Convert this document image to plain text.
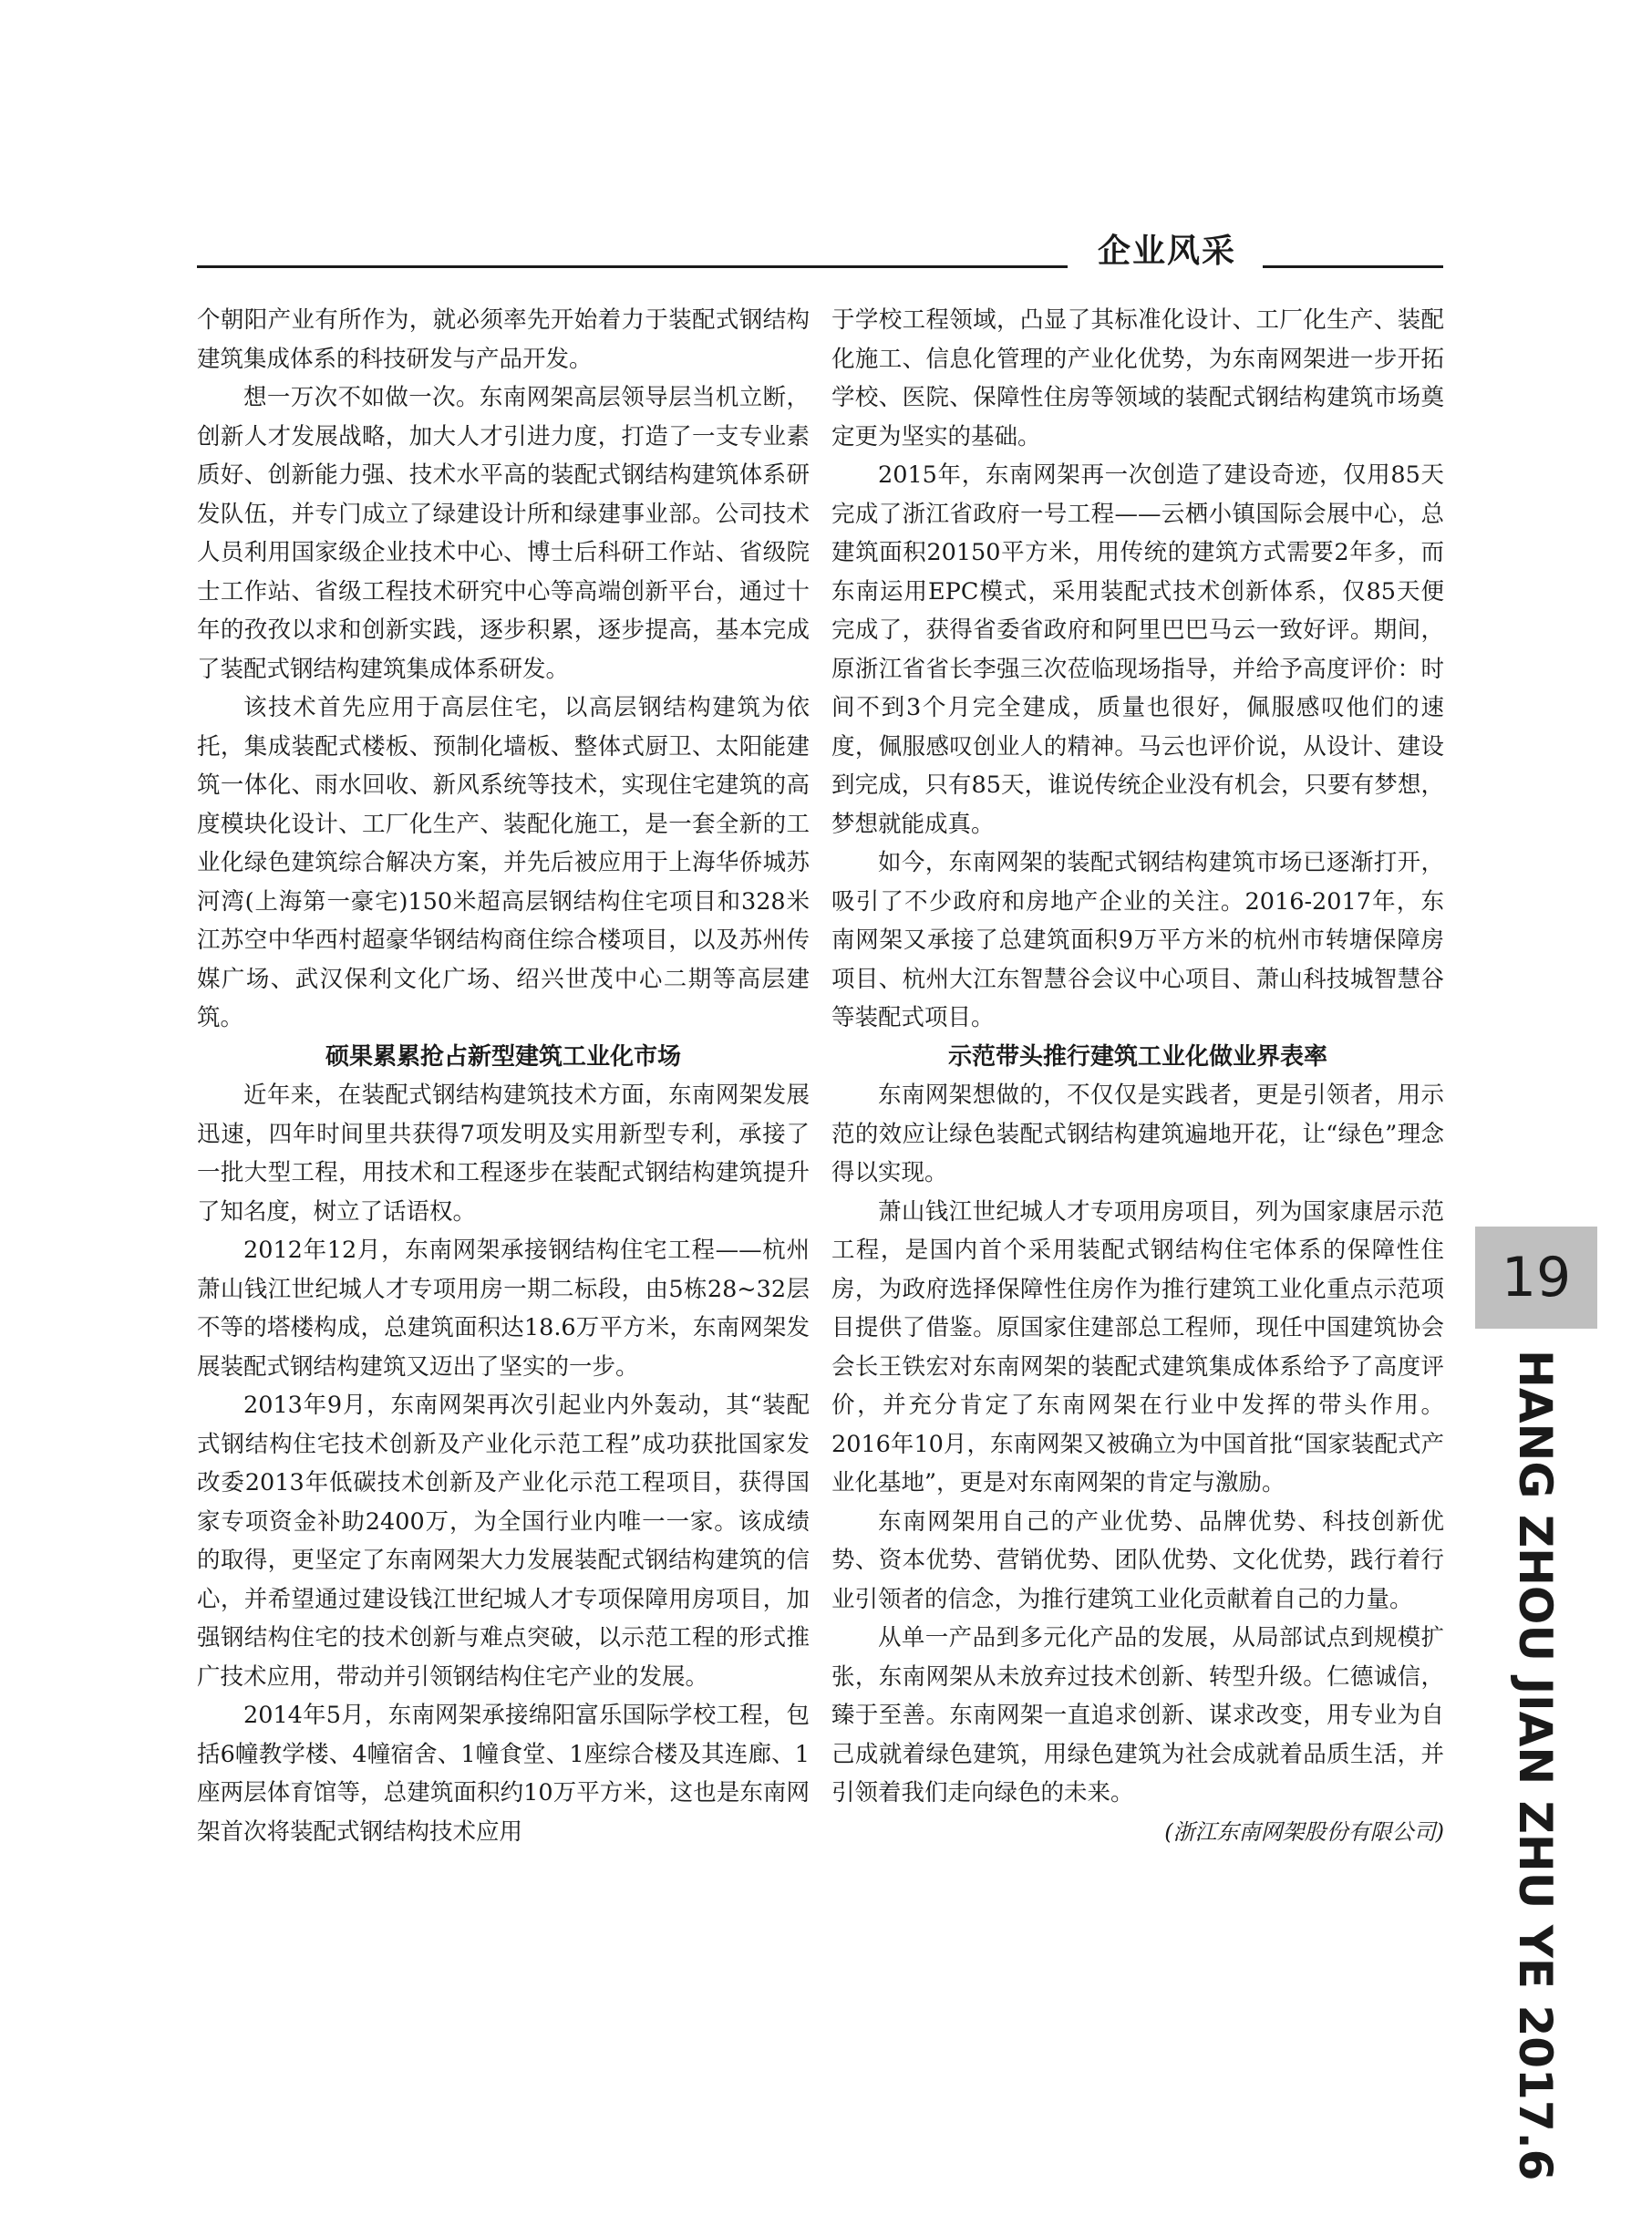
企业风采

个朝阳产业有所作为，就必须率先开始着力于装配式钢结构建筑集成体系的科技研发与产品开发。

想一万次不如做一次。东南网架高层领导层当机立断，创新人才发展战略，加大人才引进力度，打造了一支专业素质好、创新能力强、技术水平高的装配式钢结构建筑体系研发队伍，并专门成立了绿建设计所和绿建事业部。公司技术人员利用国家级企业技术中心、博士后科研工作站、省级院士工作站、省级工程技术研究中心等高端创新平台，通过十年的孜孜以求和创新实践，逐步积累，逐步提高，基本完成了装配式钢结构建筑集成体系研发。

该技术首先应用于高层住宅，以高层钢结构建筑为依托，集成装配式楼板、预制化墙板、整体式厨卫、太阳能建筑一体化、雨水回收、新风系统等技术，实现住宅建筑的高度模块化设计、工厂化生产、装配化施工，是一套全新的工业化绿色建筑综合解决方案，并先后被应用于上海华侨城苏河湾(上海第一豪宅)150米超高层钢结构住宅项目和328米江苏空中华西村超豪华钢结构商住综合楼项目，以及苏州传媒广场、武汉保利文化广场、绍兴世茂中心二期等高层建筑。

硕果累累抢占新型建筑工业化市场

近年来，在装配式钢结构建筑技术方面，东南网架发展迅速，四年时间里共获得7项发明及实用新型专利，承接了一批大型工程，用技术和工程逐步在装配式钢结构建筑提升了知名度，树立了话语权。

2012年12月，东南网架承接钢结构住宅工程——杭州萧山钱江世纪城人才专项用房一期二标段，由5栋28~32层不等的塔楼构成，总建筑面积达18.6万平方米，东南网架发展装配式钢结构建筑又迈出了坚实的一步。

2013年9月，东南网架再次引起业内外轰动，其“装配式钢结构住宅技术创新及产业化示范工程”成功获批国家发改委2013年低碳技术创新及产业化示范工程项目，获得国家专项资金补助2400万，为全国行业内唯一一家。该成绩的取得，更坚定了东南网架大力发展装配式钢结构建筑的信心，并希望通过建设钱江世纪城人才专项保障用房项目，加强钢结构住宅的技术创新与难点突破，以示范工程的形式推广技术应用，带动并引领钢结构住宅产业的发展。

2014年5月，东南网架承接绵阳富乐国际学校工程，包括6幢教学楼、4幢宿舍、1幢食堂、1座综合楼及其连廊、1座两层体育馆等，总建筑面积约10万平方米，这也是东南网架首次将装配式钢结构技术应用

于学校工程领域，凸显了其标准化设计、工厂化生产、装配化施工、信息化管理的产业化优势，为东南网架进一步开拓学校、医院、保障性住房等领域的装配式钢结构建筑市场奠定更为坚实的基础。

2015年，东南网架再一次创造了建设奇迹，仅用85天完成了浙江省政府一号工程——云栖小镇国际会展中心，总建筑面积20150平方米，用传统的建筑方式需要2年多，而东南运用EPC模式，采用装配式技术创新体系，仅85天便完成了，获得省委省政府和阿里巴巴马云一致好评。期间，原浙江省省长李强三次莅临现场指导，并给予高度评价：时间不到3个月完全建成，质量也很好，佩服感叹他们的速度，佩服感叹创业人的精神。马云也评价说，从设计、建设到完成，只有85天，谁说传统企业没有机会，只要有梦想，梦想就能成真。

如今，东南网架的装配式钢结构建筑市场已逐渐打开，吸引了不少政府和房地产企业的关注。2016-2017年，东南网架又承接了总建筑面积9万平方米的杭州市转塘保障房项目、杭州大江东智慧谷会议中心项目、萧山科技城智慧谷等装配式项目。

示范带头推行建筑工业化做业界表率

东南网架想做的，不仅仅是实践者，更是引领者，用示范的效应让绿色装配式钢结构建筑遍地开花，让“绿色”理念得以实现。

萧山钱江世纪城人才专项用房项目，列为国家康居示范工程，是国内首个采用装配式钢结构住宅体系的保障性住房，为政府选择保障性住房作为推行建筑工业化重点示范项目提供了借鉴。原国家住建部总工程师，现任中国建筑协会会长王铁宏对东南网架的装配式建筑集成体系给予了高度评价，并充分肯定了东南网架在行业中发挥的带头作用。2016年10月，东南网架又被确立为中国首批“国家装配式产业化基地”，更是对东南网架的肯定与激励。

东南网架用自己的产业优势、品牌优势、科技创新优势、资本优势、营销优势、团队优势、文化优势，践行着行业引领者的信念，为推行建筑工业化贡献着自己的力量。

从单一产品到多元化产品的发展，从局部试点到规模扩张，东南网架从未放弃过技术创新、转型升级。仁德诚信，臻于至善。东南网架一直追求创新、谋求改变，用专业为自己成就着绿色建筑，用绿色建筑为社会成就着品质生活，并引领着我们走向绿色的未来。

(浙江东南网架股份有限公司)

19
HANG ZHOU JIAN ZHU YE 2017.6
